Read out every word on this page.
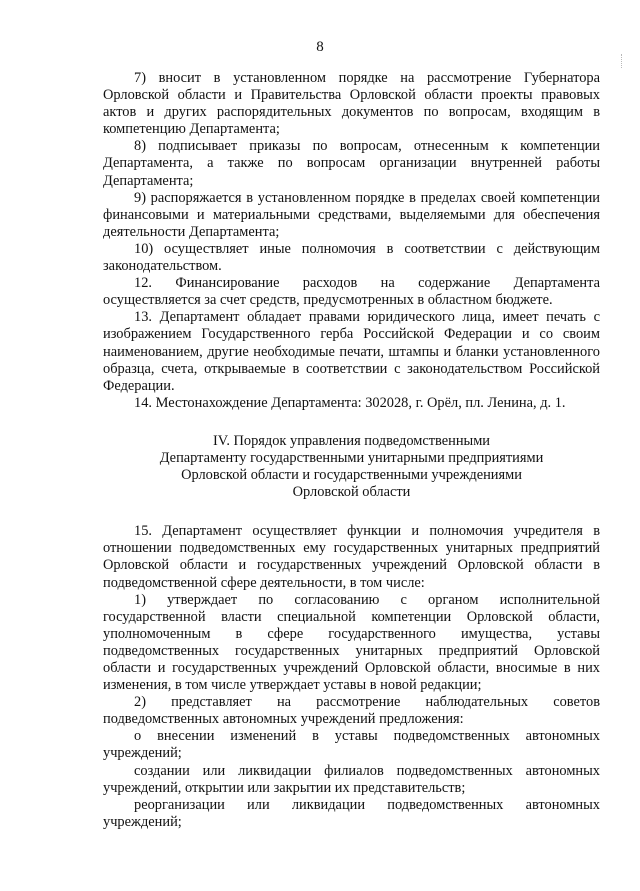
8

7) вносит в установленном порядке на рассмотрение Губернатора Орловской области и Правительства Орловской области проекты правовых актов и других распорядительных документов по вопросам, входящим в компетенцию Департамента;

8) подписывает приказы по вопросам, отнесенным к компетенции Департамента, а также по вопросам организации внутренней работы Департамента;

9) распоряжается в установленном порядке в пределах своей компетенции финансовыми и материальными средствами, выделяемыми для обеспечения деятельности Департамента;

10) осуществляет иные полномочия в соответствии с действующим законодательством.

12. Финансирование расходов на содержание Департамента осуществляется за счет средств, предусмотренных в областном бюджете.

13. Департамент обладает правами юридического лица, имеет печать с изображением Государственного герба Российской Федерации и со своим наименованием, другие необходимые печати, штампы и бланки установленного образца, счета, открываемые в соответствии с законодательством Российской Федерации.

14. Местонахождение Департамента: 302028, г. Орёл, пл. Ленина, д. 1.

IV. Порядок управления подведомственными
Департаменту государственными унитарными предприятиями
Орловской области и государственными учреждениями
Орловской области

15. Департамент осуществляет функции и полномочия учредителя в отношении подведомственных ему государственных унитарных предприятий Орловской области и государственных учреждений Орловской области в подведомственной сфере деятельности, в том числе:

1) утверждает по согласованию с органом исполнительной государственной власти специальной компетенции Орловской области, уполномоченным в сфере государственного имущества, уставы подведомственных государственных унитарных предприятий Орловской области и государственных учреждений Орловской области, вносимые в них изменения, в том числе утверждает уставы в новой редакции;

2) представляет на рассмотрение наблюдательных советов подведомственных автономных учреждений предложения:

о внесении изменений в уставы подведомственных автономных учреждений;

создании или ликвидации филиалов подведомственных автономных учреждений, открытии или закрытии их представительств;

реорганизации или ликвидации подведомственных автономных учреждений;
